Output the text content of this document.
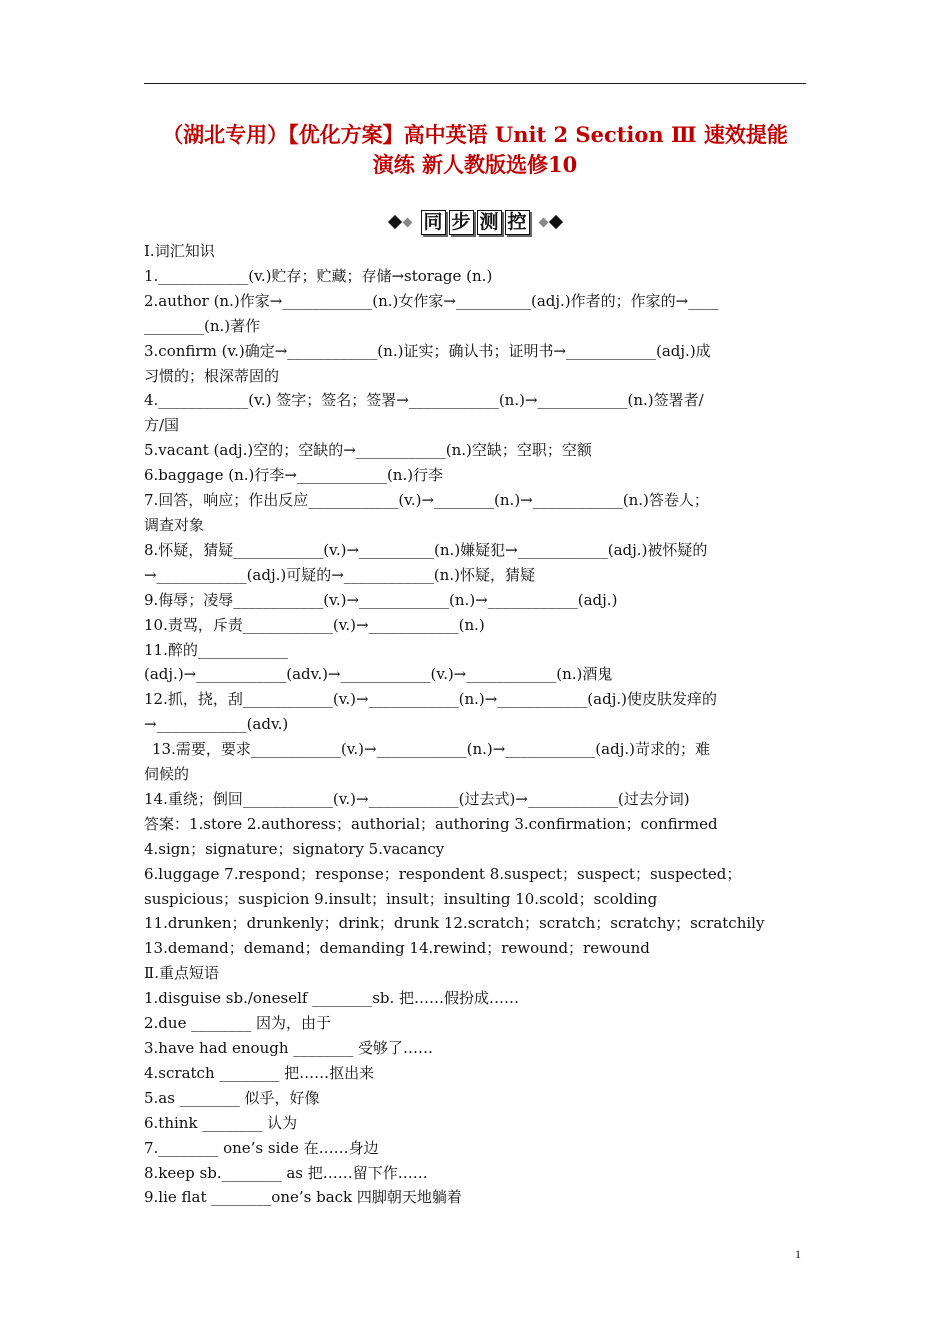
（湖北专用）【优化方案】高中英语 Unit 2 Section Ⅲ 速效提能
演练 新人教版选修10
同 步 测 控
Ⅰ.词汇知识
1.____________(v.)贮存；贮藏；存储→storage (n.)
2.author (n.)作家→____________(n.)女作家→__________(adj.)作者的；作家的→____
________(n.)著作
3.confirm (v.)确定→____________(n.)证实；确认书；证明书→____________(adj.)成
习惯的；根深蒂固的
4.____________(v.) 签字；签名；签署→____________(n.)→____________(n.)签署者/
方/国
5.vacant (adj.)空的；空缺的→____________(n.)空缺；空职；空额
6.baggage (n.)行李→____________(n.)行李
7.回答，响应；作出反应____________(v.)→________(n.)→____________(n.)答卷人；
调查对象
8.怀疑，猜疑____________(v.)→__________(n.)嫌疑犯→____________(adj.)被怀疑的
→____________(adj.)可疑的→____________(n.)怀疑，猜疑
9.侮辱；凌辱____________(v.)→____________(n.)→____________(adj.)
10.责骂，斥责____________(v.)→____________(n.)
11.醉的____________
(adj.)→____________(adv.)→____________(v.)→____________(n.)酒鬼
12.抓，挠，刮____________(v.)→____________(n.)→____________(adj.)使皮肤发痒的
→____________(adv.)
13.需要，要求____________(v.)→____________(n.)→____________(adj.)苛求的；难
伺候的
14.重绕；倒回____________(v.)→____________(过去式)→____________(过去分词)
答案：1.store 2.authoress；authorial；authoring 3.confirmation；confirmed
4.sign；signature；signatory 5.vacancy
6.luggage 7.respond；response；respondent 8.suspect；suspect；suspected；
suspicious；suspicion 9.insult；insult；insulting 10.scold；scolding
11.drunken；drunkenly；drink；drunk 12.scratch；scratch；scratchy；scratchily
13.demand；demand；demanding 14.rewind；rewound；rewound
Ⅱ.重点短语
1.disguise sb./oneself ________sb. 把……假扮成……
2.due ________ 因为，由于
3.have had enough ________ 受够了……
4.scratch ________ 把……抠出来
5.as ________ 似乎，好像
6.think ________ 认为
7.________ one’s side 在……身边
8.keep sb.________ as 把……留下作……
9.lie flat ________one’s back 四脚朝天地躺着
1
